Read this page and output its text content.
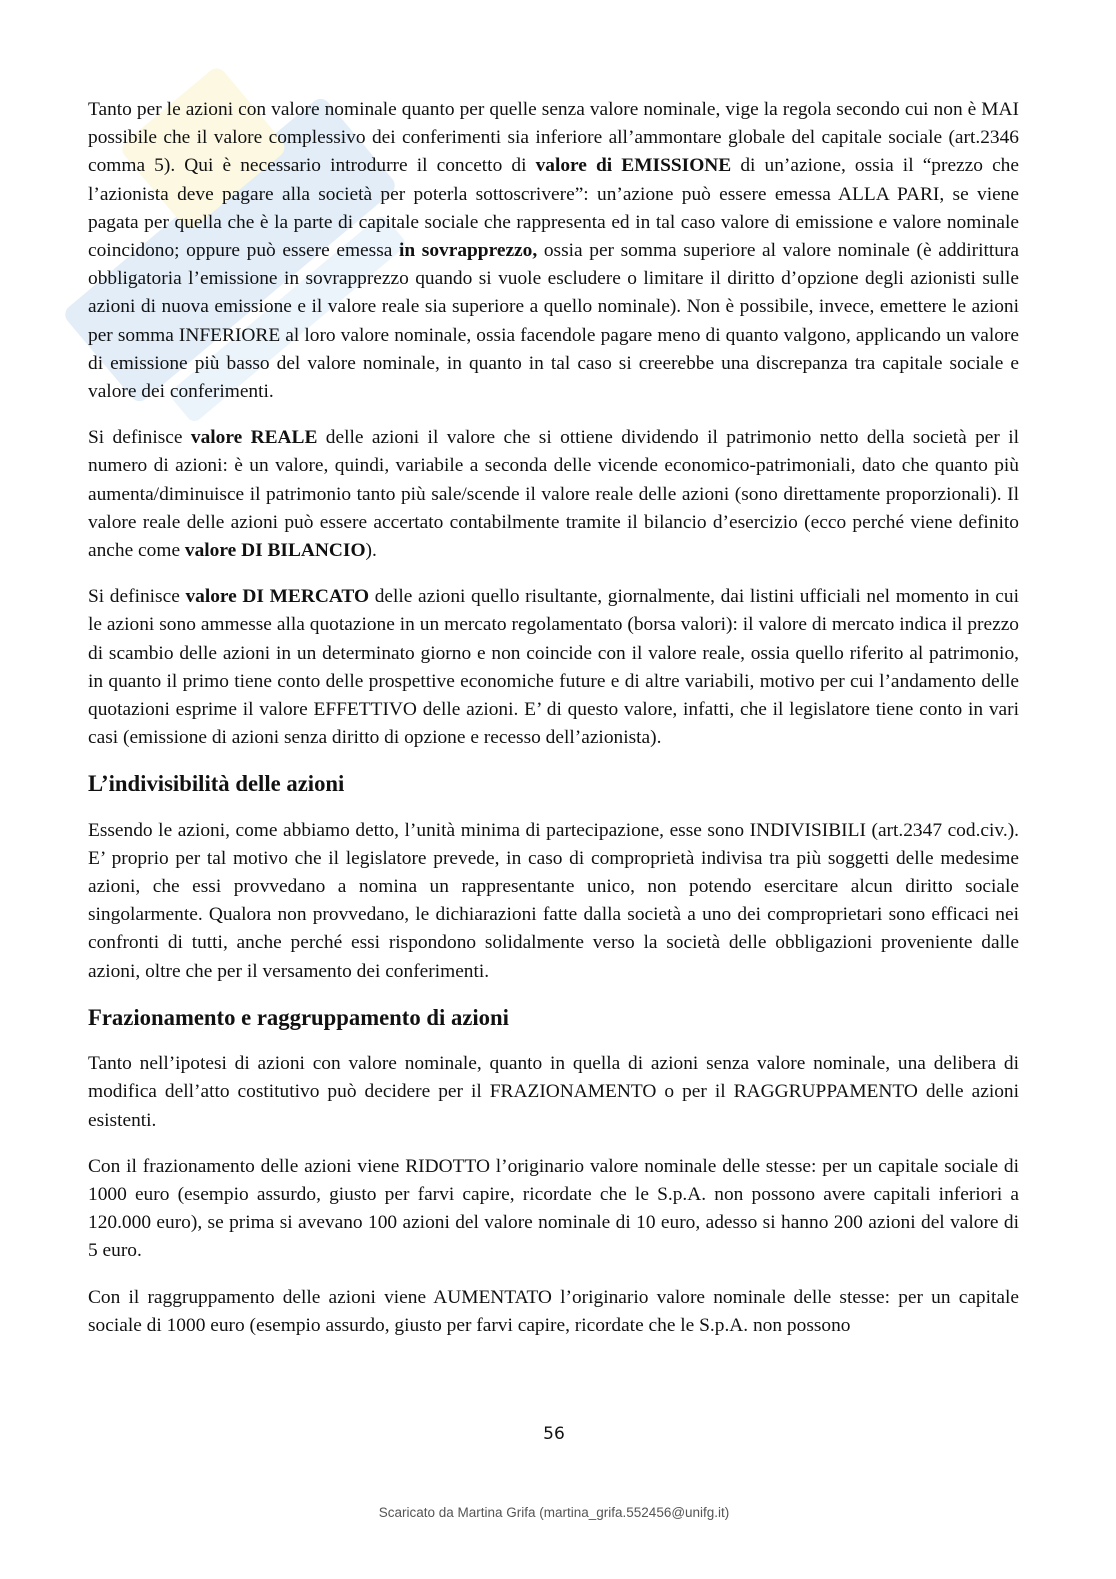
Tanto per le azioni con valore nominale quanto per quelle senza valore nominale, vige la regola secondo cui non è MAI possibile che il valore complessivo dei conferimenti sia inferiore all’ammontare globale del capitale sociale (art.2346 comma 5). Qui è necessario introdurre il concetto di valore di EMISSIONE di un’azione, ossia il “prezzo che l’azionista deve pagare alla società per poterla sottoscrivere”: un’azione può essere emessa ALLA PARI, se viene pagata per quella che è la parte di capitale sociale che rappresenta ed in tal caso valore di emissione e valore nominale coincidono; oppure può essere emessa in sovrapprezzo, ossia per somma superiore al valore nominale (è addirittura obbligatoria l’emissione in sovrapprezzo quando si vuole escludere o limitare il diritto d’opzione degli azionisti sulle azioni di nuova emissione e il valore reale sia superiore a quello nominale). Non è possibile, invece, emettere le azioni per somma INFERIORE al loro valore nominale, ossia facendole pagare meno di quanto valgono, applicando un valore di emissione più basso del valore nominale, in quanto in tal caso si creerebbe una discrepanza tra capitale sociale e valore dei conferimenti.

Si definisce valore REALE delle azioni il valore che si ottiene dividendo il patrimonio netto della società per il numero di azioni: è un valore, quindi, variabile a seconda delle vicende economico-patrimoniali, dato che quanto più aumenta/diminuisce il patrimonio tanto più sale/scende il valore reale delle azioni (sono direttamente proporzionali). Il valore reale delle azioni può essere accertato contabilmente tramite il bilancio d’esercizio (ecco perché viene definito anche come valore DI BILANCIO).

Si definisce valore DI MERCATO delle azioni quello risultante, giornalmente, dai listini ufficiali nel momento in cui le azioni sono ammesse alla quotazione in un mercato regolamentato (borsa valori): il valore di mercato indica il prezzo di scambio delle azioni in un determinato giorno e non coincide con il valore reale, ossia quello riferito al patrimonio, in quanto il primo tiene conto delle prospettive economiche future e di altre variabili, motivo per cui l’andamento delle quotazioni esprime il valore EFFETTIVO delle azioni. E’ di questo valore, infatti, che il legislatore tiene conto in vari casi (emissione di azioni senza diritto di opzione e recesso dell’azionista).

L’indivisibilità delle azioni

Essendo le azioni, come abbiamo detto, l’unità minima di partecipazione, esse sono INDIVISIBILI (art.2347 cod.civ.). E’ proprio per tal motivo che il legislatore prevede, in caso di comproprietà indivisa tra più soggetti delle medesime azioni, che essi provvedano a nomina un rappresentante unico, non potendo esercitare alcun diritto sociale singolarmente. Qualora non provvedano, le dichiarazioni fatte dalla società a uno dei comproprietari sono efficaci nei confronti di tutti, anche perché essi rispondono solidalmente verso la società delle obbligazioni proveniente dalle azioni, oltre che per il versamento dei conferimenti.

Frazionamento e raggruppamento di azioni

Tanto nell’ipotesi di azioni con valore nominale, quanto in quella di azioni senza valore nominale, una delibera di modifica dell’atto costitutivo può decidere per il FRAZIONAMENTO o per il RAGGRUPPAMENTO delle azioni esistenti.

Con il frazionamento delle azioni viene RIDOTTO l’originario valore nominale delle stesse: per un capitale sociale di 1000 euro (esempio assurdo, giusto per farvi capire, ricordate che le S.p.A. non possono avere capitali inferiori a 120.000 euro), se prima si avevano 100 azioni del valore nominale di 10 euro, adesso si hanno 200 azioni del valore di 5 euro.

Con il raggruppamento delle azioni viene AUMENTATO l’originario valore nominale delle stesse: per un capitale sociale di 1000 euro (esempio assurdo, giusto per farvi capire, ricordate che le S.p.A. non possono

56
Scaricato da Martina Grifa (martina_grifa.552456@unifg.it)
